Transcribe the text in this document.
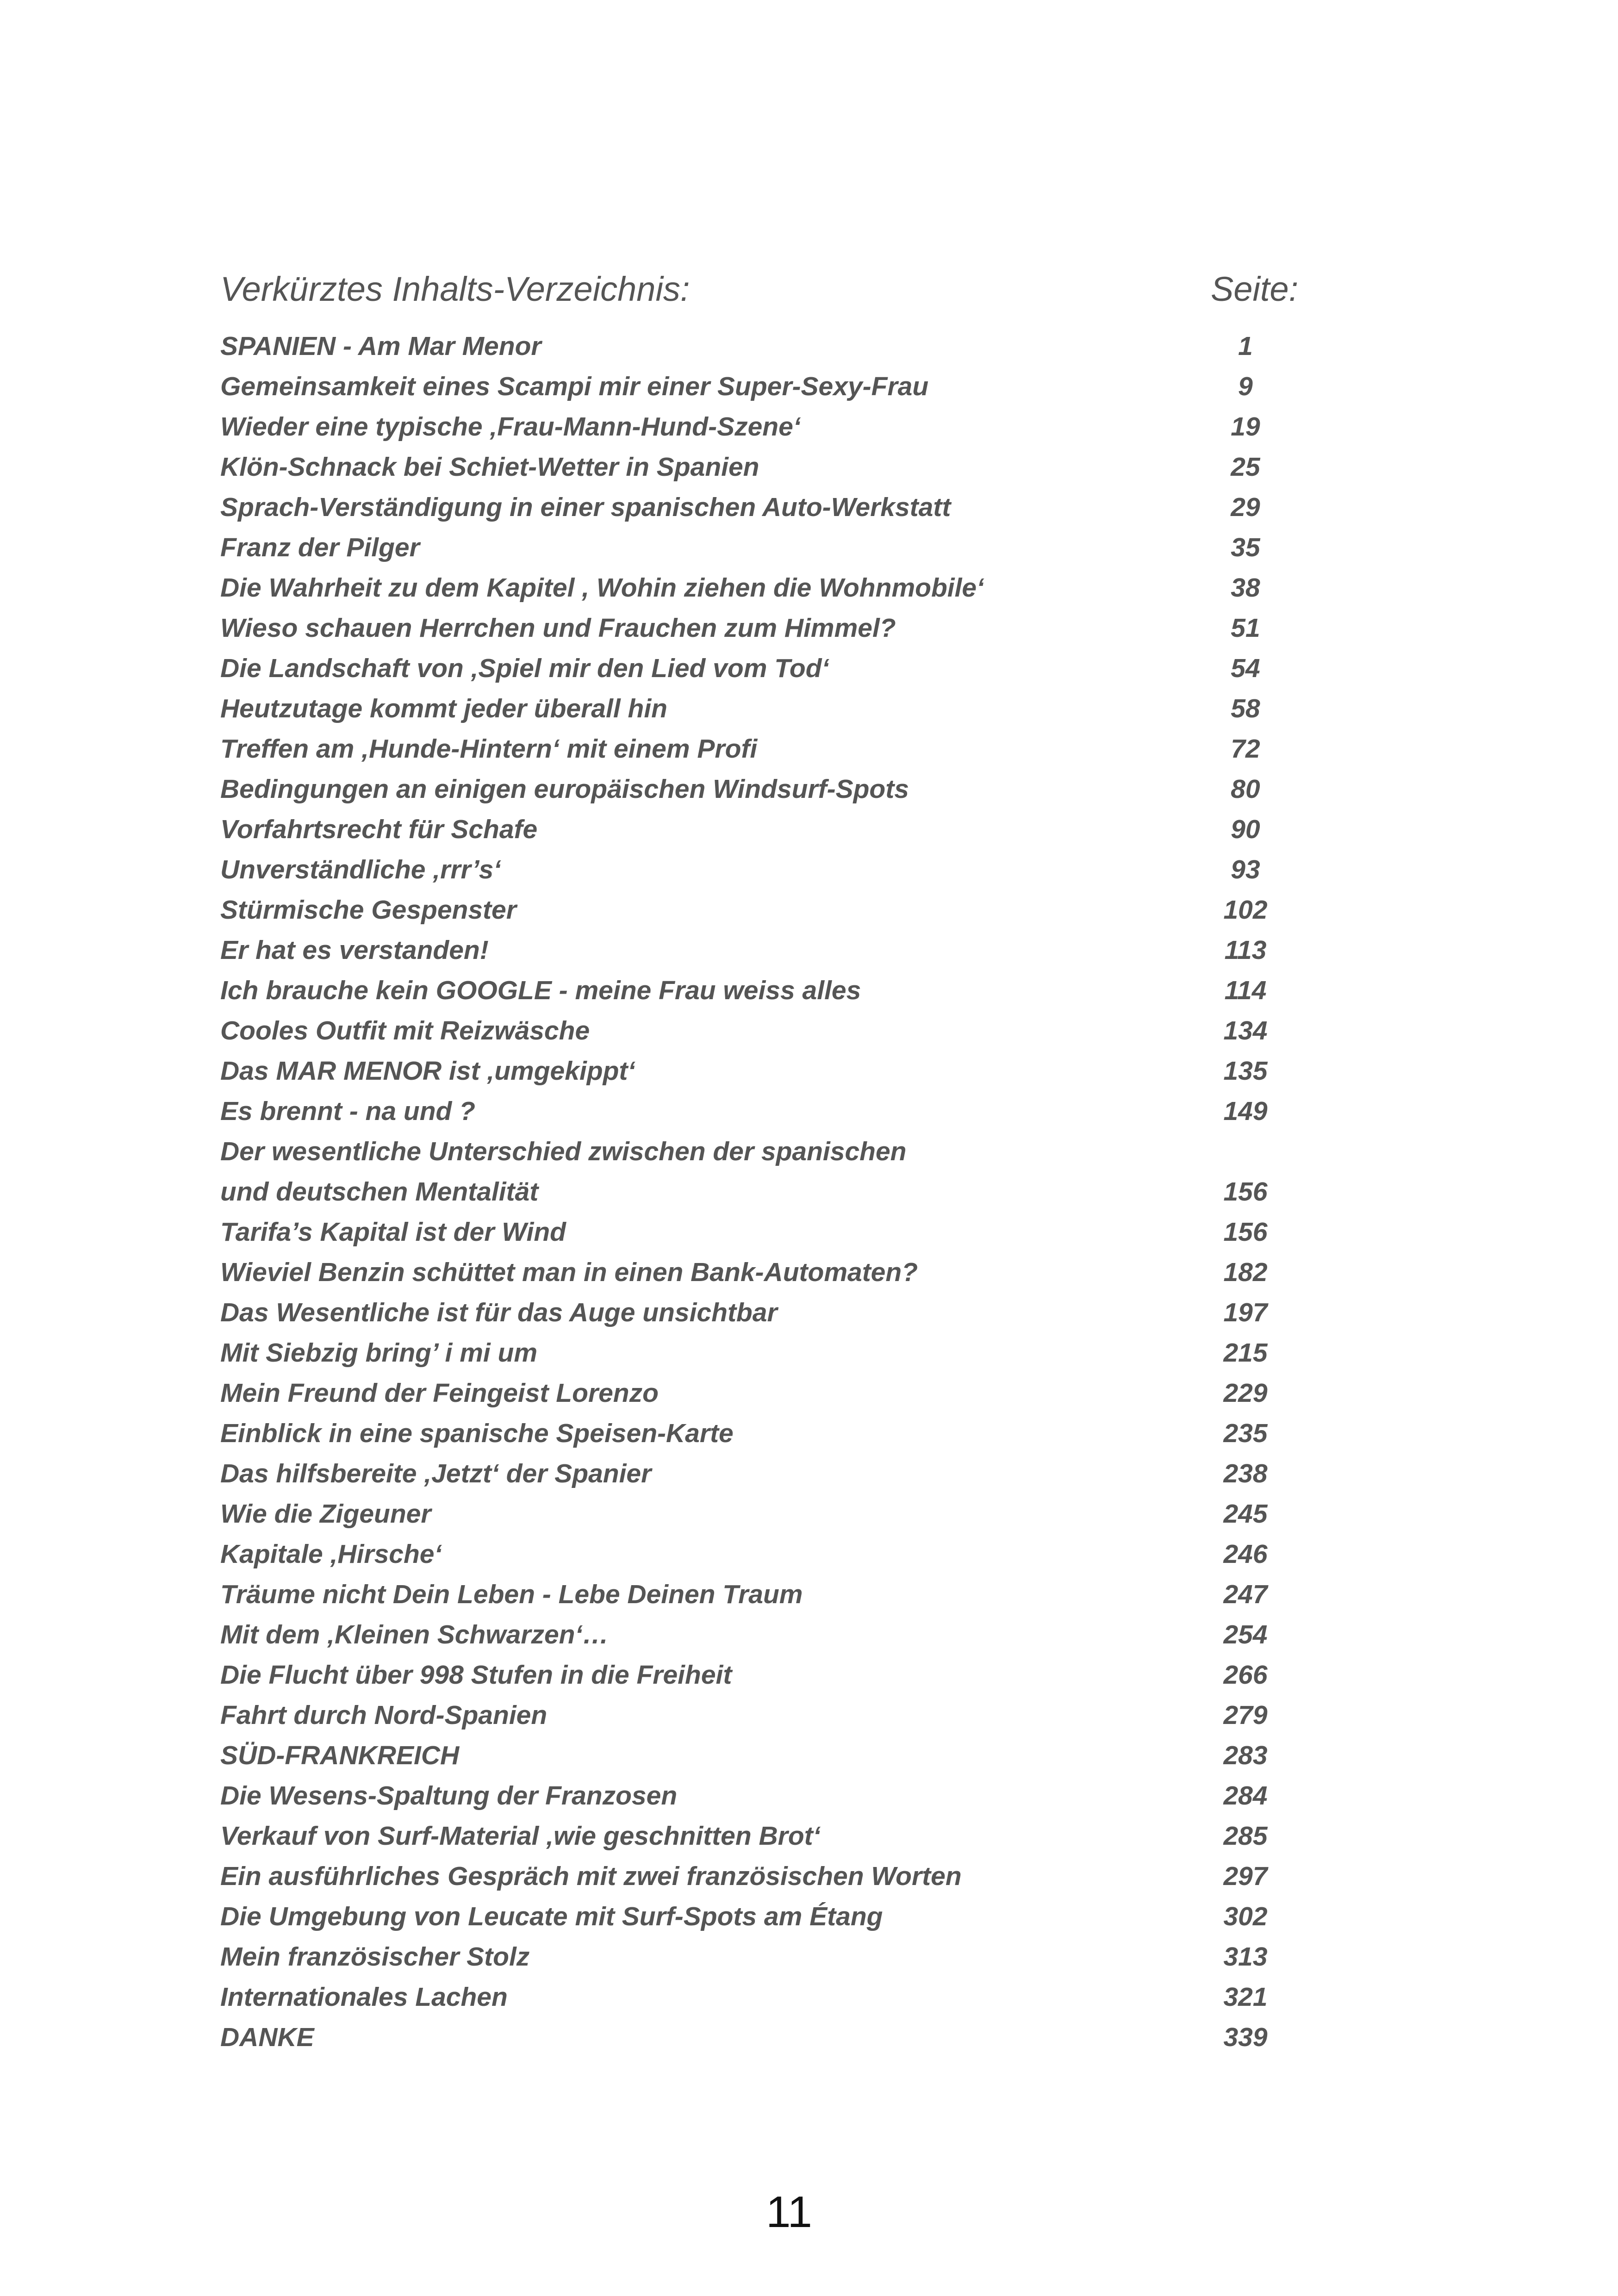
Verkürztes Inhalts-Verzeichnis:	Seite:
SPANIEN - Am Mar Menor	1
Gemeinsamkeit eines Scampi mir einer Super-Sexy-Frau	9
Wieder eine typische ‚Frau-Mann-Hund-Szene‘	19
Klön-Schnack bei Schiet-Wetter in Spanien	25
Sprach-Verständigung in einer spanischen Auto-Werkstatt	29
Franz der Pilger	35
Die Wahrheit zu dem Kapitel , Wohin ziehen die Wohnmobile‘	38
Wieso schauen Herrchen und Frauchen zum Himmel?	51
Die Landschaft von ‚Spiel mir den Lied vom Tod‘	54
Heutzutage kommt jeder überall hin	58
Treffen am ‚Hunde-Hintern‘ mit einem Profi	72
Bedingungen an einigen europäischen Windsurf-Spots	80
Vorfahrtsrecht für Schafe	90
Unverständliche ‚rrr’s‘	93
Stürmische Gespenster	102
Er hat es verstanden!	113
Ich brauche kein GOOGLE - meine Frau weiss alles	114
Cooles Outfit mit Reizwäsche	134
Das MAR MENOR ist ‚umgekippt‘	135
Es brennt - na und ?	149
Der wesentliche Unterschied zwischen der spanischen
und deutschen Mentalität	156
Tarifa’s Kapital ist der Wind	156
Wieviel Benzin schüttet man in einen Bank-Automaten?	182
Das Wesentliche ist für das Auge unsichtbar	197
Mit Siebzig bring’ i mi um	215
Mein Freund der Feingeist Lorenzo	229
Einblick in eine spanische Speisen-Karte	235
Das hilfsbereite ‚Jetzt‘ der Spanier	238
Wie die Zigeuner	245
Kapitale ‚Hirsche‘	246
Träume nicht Dein Leben - Lebe Deinen Traum	247
Mit dem ‚Kleinen Schwarzen‘…	254
Die Flucht über 998 Stufen in die Freiheit	266
Fahrt durch Nord-Spanien	279
SÜD-FRANKREICH	283
Die Wesens-Spaltung der Franzosen	284
Verkauf von Surf-Material ‚wie geschnitten Brot‘	285
Ein ausführliches Gespräch mit zwei französischen Worten	297
Die Umgebung von Leucate mit Surf-Spots am Étang	302
Mein französischer Stolz	313
Internationales Lachen	321
DANKE	339
11
